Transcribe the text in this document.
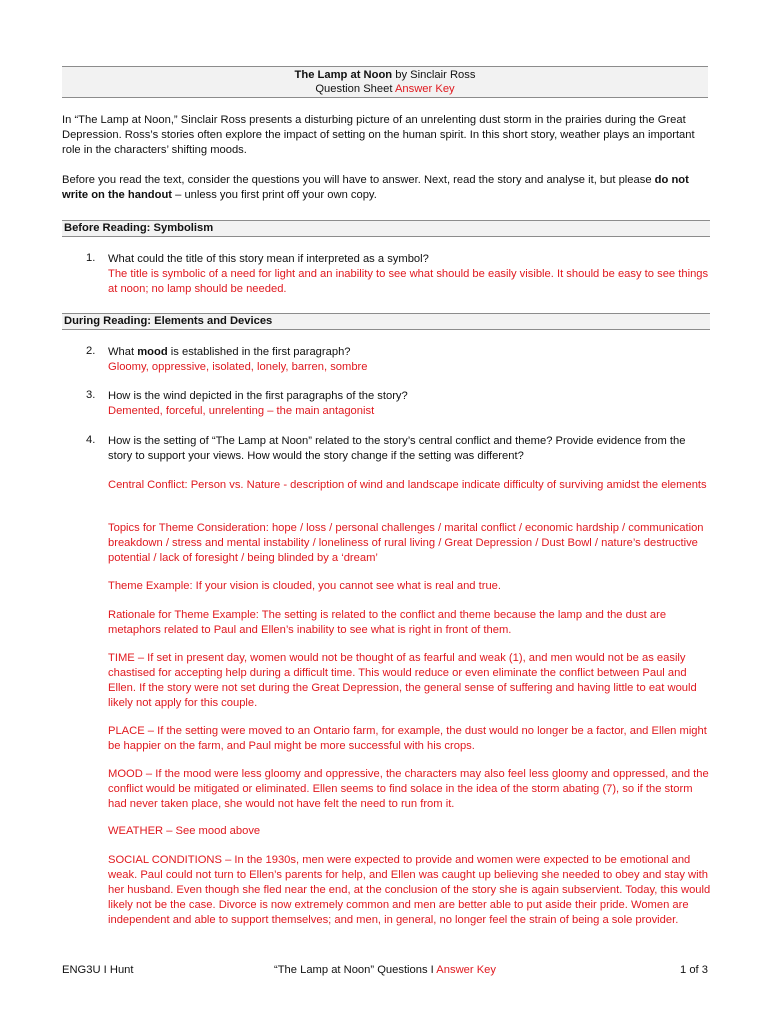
The Lamp at Noon by Sinclair Ross
Question Sheet Answer Key

In “The Lamp at Noon,” Sinclair Ross presents a disturbing picture of an unrelenting dust storm in the prairies during the Great Depression. Ross’s stories often explore the impact of setting on the human spirit. In this short story, weather plays an important role in the characters’ shifting moods.

Before you read the text, consider the questions you will have to answer. Next, read the story and analyse it, but please do not write on the handout – unless you first print off your own copy.

Before Reading: Symbolism
1.	What could the title of this story mean if interpreted as a symbol?

The title is symbolic of a need for light and an inability to see what should be easily visible. It should be easy to see things at noon; no lamp should be needed.

During Reading: Elements and Devices
2.	What mood is established in the first paragraph?

Gloomy, oppressive, isolated, lonely, barren, sombre

3.	How is the wind depicted in the first paragraphs of the story?

Demented, forceful, unrelenting – the main antagonist

4.	How is the setting of “The Lamp at Noon” related to the story’s central conflict and theme? Provide evidence from the story to support your views. How would the story change if the setting was different?

Central Conflict: Person vs. Nature - description of wind and landscape indicate difficulty of surviving amidst the elements

Topics for Theme Consideration: hope / loss / personal challenges / marital conflict / economic hardship / communication breakdown / stress and mental instability / loneliness of rural living / Great Depression / Dust Bowl / nature’s destructive potential / lack of foresight / being blinded by a ‘dream’

Theme Example: If your vision is clouded, you cannot see what is real and true.

Rationale for Theme Example: The setting is related to the conflict and theme because the lamp and the dust are metaphors related to Paul and Ellen’s inability to see what is right in front of them.

TIME – If set in present day, women would not be thought of as fearful and weak (1), and men would not be as easily chastised for accepting help during a difficult time. This would reduce or even eliminate the conflict between Paul and Ellen. If the story were not set during the Great Depression, the general sense of suffering and having little to eat would likely not apply for this couple.

PLACE – If the setting were moved to an Ontario farm, for example, the dust would no longer be a factor, and Ellen might be happier on the farm, and Paul might be more successful with his crops.

MOOD – If the mood were less gloomy and oppressive, the characters may also feel less gloomy and oppressed, and the conflict would be mitigated or eliminated. Ellen seems to find solace in the idea of the storm abating (7), so if the storm had never taken place, she would not have felt the need to run from it.

WEATHER – See mood above

SOCIAL CONDITIONS – In the 1930s, men were expected to provide and women were expected to be emotional and weak. Paul could not turn to Ellen’s parents for help, and Ellen was caught up believing she needed to obey and stay with her husband. Even though she fled near the end, at the conclusion of the story she is again subservient. Today, this would likely not be the case. Divorce is now extremely common and men are better able to put aside their pride. Women are independent and able to support themselves; and men, in general, no longer feel the strain of being a sole provider.

ENG3U I Hunt	“The Lamp at Noon” Questions I Answer Key	1 of 3
